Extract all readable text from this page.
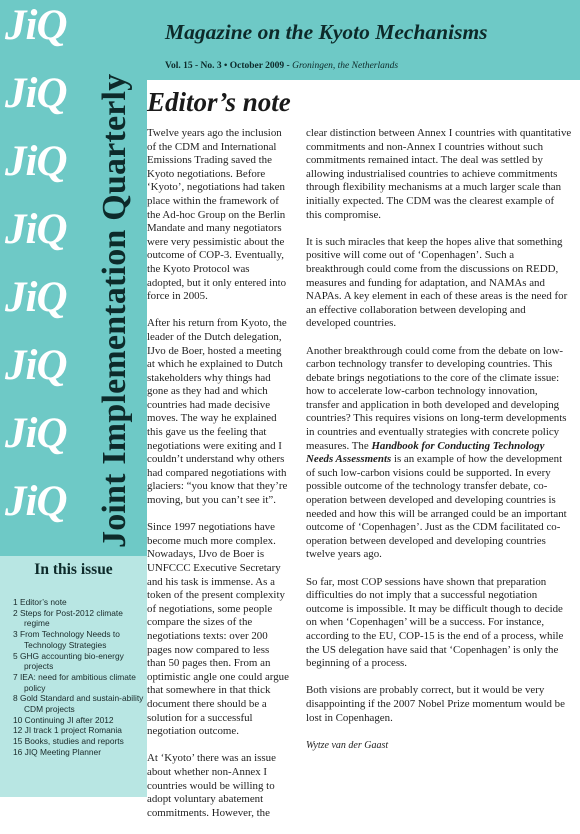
JiQ
JiQ
JiQ
JiQ
JiQ
JiQ
JiQ
JiQ Joint Implementation Quarterly
In this issue
1 Editor’s note
2 Steps for Post-2012 climate regime
3 From Technology Needs to Technology Strategies
5 GHG accounting bio-energy projects
7 IEA: need for ambitious climate policy
8 Gold Standard and sustain-ability CDM projects
10 Continuing JI after 2012
12 JI track 1 project Romania
15 Books, studies and reports
16 JIQ Meeting Planner
Magazine on the Kyoto Mechanisms
Vol. 15 - No. 3 • October 2009 - Groningen, the Netherlands
Editor’s note

Twelve years ago the inclusion of the CDM and International Emissions Trading saved the Kyoto negotiations. Before ‘Kyoto’, negotiations had taken place within the framework of the Ad-hoc Group on the Berlin Mandate and many negotiators were very pessimistic about the outcome of COP-3. Eventually, the Kyoto Protocol was adopted, but it only entered into force in 2005.

After his return from Kyoto, the leader of the Dutch delegation, IJvo de Boer, hosted a meeting at which he explained to Dutch stakeholders why things had gone as they had and which countries had made decisive moves. The way he explained this gave us the feeling that negotiations were exiting and I couldn’t understand why others had compared negotiations with glaciers: “you know that they’re moving, but you can’t see it”.

Since 1997 negotiations have become much more complex. Nowadays, IJvo de Boer is UNFCCC Executive Secretary and his task is immense. As a token of the present complexity of negotiations, some people compare the sizes of the negotiations texts: over 200 pages now compared to less than 50 pages then. From an optimistic angle one could argue that somewhere in that thick document there should be a solution for a successful negotiation outcome.

At ‘Kyoto’ there was an issue about whether non-Annex I countries would be willing to adopt voluntary abatement commitments. However, the

clear distinction between Annex I countries with quantitative commitments and non-Annex I countries without such commitments remained intact. The deal was settled by allowing industrialised countries to achieve commitments through flexibility mechanisms at a much larger scale than initially expected. The CDM was the clearest example of this compromise.

It is such miracles that keep the hopes alive that something positive will come out of ‘Copenhagen’. Such a breakthrough could come from the discussions on REDD, measures and funding for adaptation, and NAMAs and NAPAs. A key element in each of these areas is the need for an effective collaboration between developing and developed countries.

Another breakthrough could come from the debate on low-carbon technology transfer to developing countries. This debate brings negotiations to the core of the climate issue: how to accelerate low-carbon technology innovation, transfer and application in both developed and developing countries? This requires visions on long-term developments in countries and eventually strategies with concrete policy measures. The Handbook for Conducting Technology Needs Assessments is an example of how the development of such low-carbon visions could be supported. In every possible outcome of the technology transfer debate, co-operation between developed and developing countries is needed and how this will be arranged could be an important outcome of ‘Copenhagen’. Just as the CDM facilitated co-operation between developed and developing countries twelve years ago.

So far, most COP sessions have shown that preparation difficulties do not imply that a successful negotiation outcome is impossible. It may be difficult though to decide on when ‘Copenhagen’ will be a success. For instance, according to the EU, COP-15 is the end of a process, while the US delegation have said that ‘Copenhagen’ is only the beginning of a process.

Both visions are probably correct, but it would be very disappointing if the 2007 Nobel Prize momentum would be lost in Copenhagen.

Wytze van der Gaast
